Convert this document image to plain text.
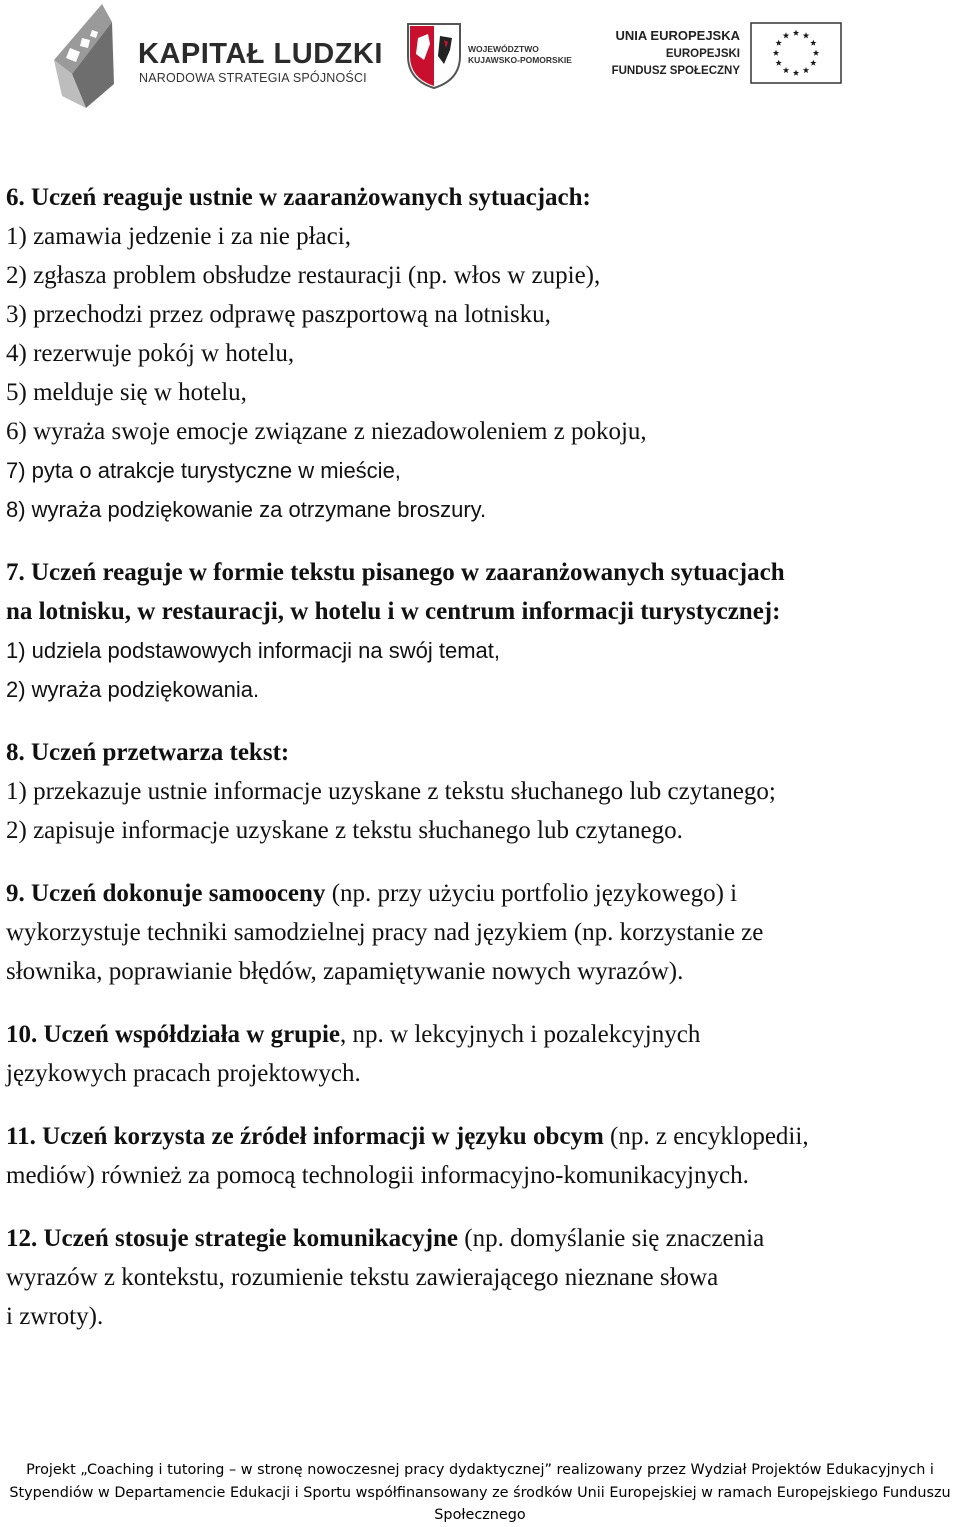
KAPITAŁ LUDZKI
NARODOWA STRATEGIA SPÓJNOŚCI
WOJEWÓDZTWO
KUJAWSKO-POMORSKIE
UNIA EUROPEJSKA
EUROPEJSKI
FUNDUSZ SPOŁECZNY
6. Uczeń reaguje ustnie w zaaranżowanych sytuacjach:
1) zamawia jedzenie i za nie płaci,
2) zgłasza problem obsłudze restauracji (np. włos w zupie),
3) przechodzi przez odprawę paszportową na lotnisku,
4) rezerwuje pokój w hotelu,
5) melduje się w hotelu,
6) wyraża swoje emocje związane z niezadowoleniem z pokoju,
7) pyta o atrakcje turystyczne w mieście,
8) wyraża podziękowanie za otrzymane broszury.
7. Uczeń reaguje w formie tekstu pisanego w zaaranżowanych sytuacjach
na lotnisku, w restauracji, w hotelu i w centrum informacji turystycznej:
1) udziela podstawowych informacji na swój temat,
2) wyraża podziękowania.
8. Uczeń przetwarza tekst:
1) przekazuje ustnie informacje uzyskane z tekstu słuchanego lub czytanego;
2) zapisuje informacje uzyskane z tekstu słuchanego lub czytanego.
9. Uczeń dokonuje samooceny (np. przy użyciu portfolio językowego) i
wykorzystuje techniki samodzielnej pracy nad językiem (np. korzystanie ze
słownika, poprawianie błędów, zapamiętywanie nowych wyrazów).
10. Uczeń współdziała w grupie, np. w lekcyjnych i pozalekcyjnych
językowych pracach projektowych.
11. Uczeń korzysta ze źródeł informacji w języku obcym (np. z encyklopedii,
mediów) również za pomocą technologii informacyjno-komunikacyjnych.
12. Uczeń stosuje strategie komunikacyjne (np. domyślanie się znaczenia
wyrazów z kontekstu, rozumienie tekstu zawierającego nieznane słowa
i zwroty).
Projekt „Coaching i tutoring – w stronę nowoczesnej pracy dydaktycznej” realizowany przez Wydział Projektów Edukacyjnych i
Stypendiów w Departamencie Edukacji i Sportu współfinansowany ze środków Unii Europejskiej w ramach Europejskiego Funduszu
Społecznego
